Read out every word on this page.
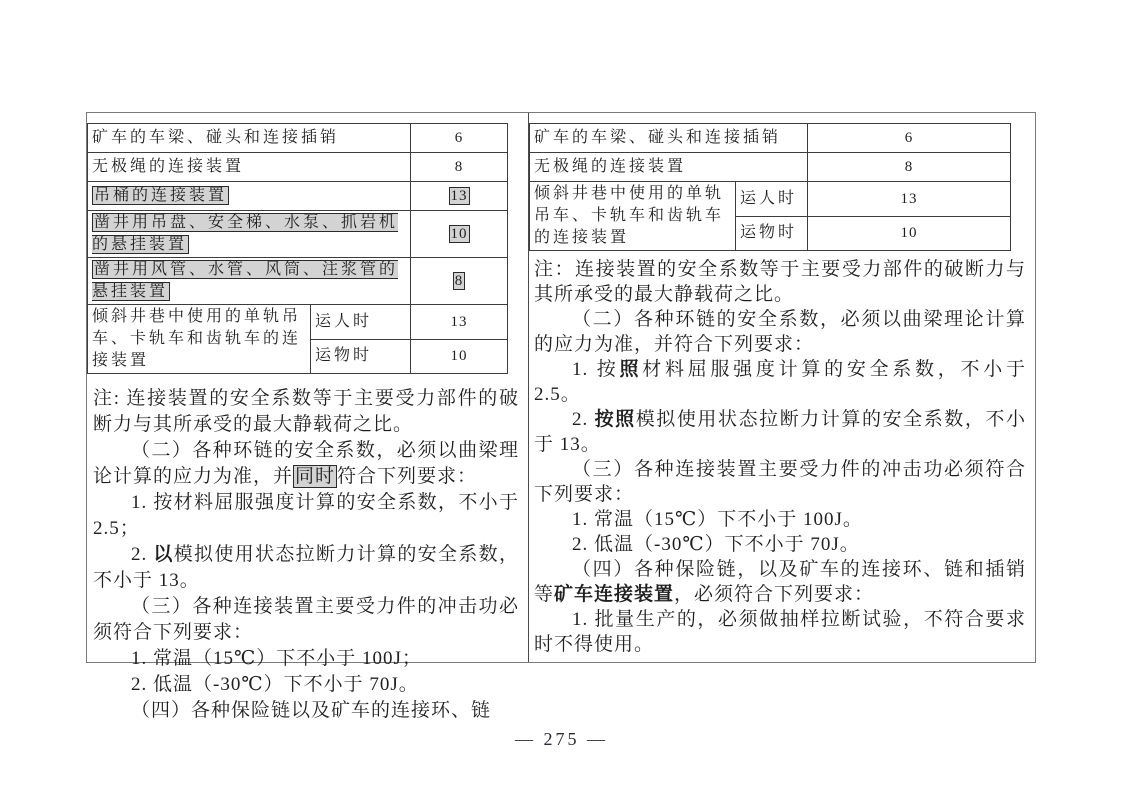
矿车的车梁、碰头和连接插销		6
无极绳的连接装置		8
吊桶的连接装置		13
凿井用吊盘、安全梯、水泵、抓岩机的悬挂装置		10
凿井用风管、水管、风筒、注浆管的悬挂装置		8
倾斜井巷中使用的单轨吊车、卡轨车和齿轨车的连接装置	运人时	13
	运物时	10

注: 连接装置的安全系数等于主要受力部件的破断力与其所承受的最大静载荷之比。

（二）各种环链的安全系数，必须以曲梁理论计算的应力为准，并 同时 符合下列要求：

1. 按材料屈服强度计算的安全系数，不小于 2.5；

2. 以模拟使用状态拉断力计算的安全系数，不小于 13。

（三）各种连接装置主要受力件的冲击功必须符合下列要求：

1. 常温（15℃）下不小于 100J；

2. 低温（-30℃）下不小于 70J。

（四）各种保险链以及矿车的连接环、链

矿车的车梁、碰头和连接插销		6
无极绳的连接装置		8
倾斜井巷中使用的单轨吊车、卡轨车和齿轨车的连接装置	运人时	13
	运物时	10

注：连接装置的安全系数等于主要受力部件的破断力与其所承受的最大静载荷之比。

（二）各种环链的安全系数，必须以曲梁理论计算的应力为准，并符合下列要求：

1. 按照材料屈服强度计算的安全系数，不小于 2.5。

2. 按照模拟使用状态拉断力计算的安全系数，不小于 13。

（三）各种连接装置主要受力件的冲击功必须符合下列要求：

1. 常温（15℃）下不小于 100J。

2. 低温（-30℃）下不小于 70J。

（四）各种保险链，以及矿车的连接环、链和插销等矿车连接装置，必须符合下列要求：

1. 批量生产的，必须做抽样拉断试验，不符合要求时不得使用。

— 275 —
